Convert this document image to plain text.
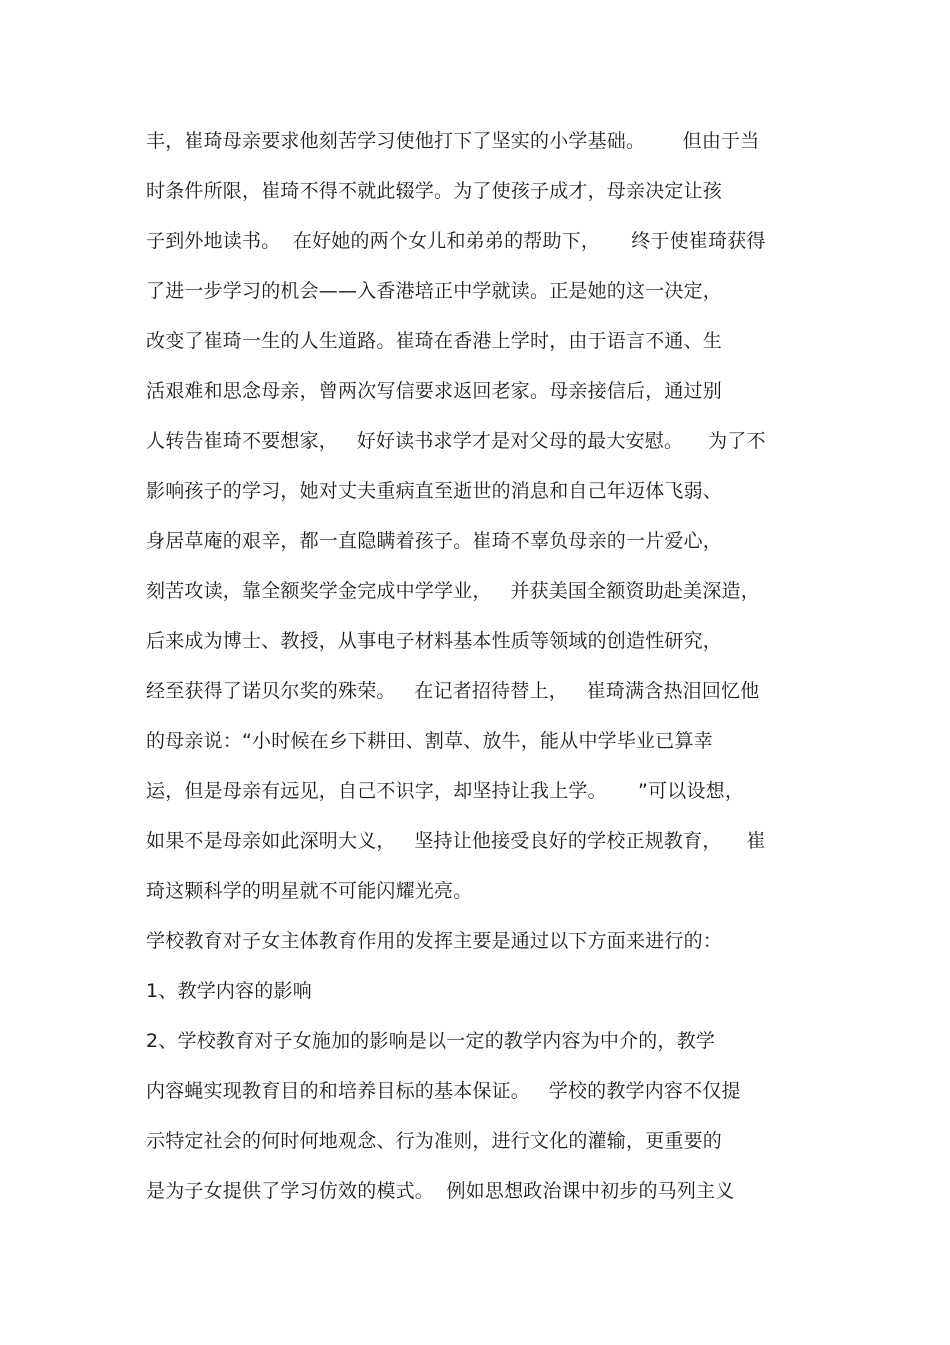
丰，崔琦母亲要求他刻苦学习使他打下了坚实的小学基础。      但由于当
时条件所限，崔琦不得不就此辍学。为了使孩子成才，母亲决定让孩
子到外地读书。  在好她的两个女儿和弟弟的帮助下，     终于使崔琦获得
了进一步学习的机会——入香港培正中学就读。正是她的这一决定，
改变了崔琦一生的人生道路。崔琦在香港上学时，由于语言不通、生
活艰难和思念母亲，曾两次写信要求返回老家。母亲接信后，通过别
人转告崔琦不要想家，   好好读书求学才是对父母的最大安慰。    为了不
影响孩子的学习，她对丈夫重病直至逝世的消息和自己年迈体飞弱、
身居草庵的艰辛，都一直隐瞒着孩子。崔琦不辜负母亲的一片爱心，
刻苦攻读，靠全额奖学金完成中学学业，   并获美国全额资助赴美深造，
后来成为博士、教授，从事电子材料基本性质等领域的创造性研究，
经至获得了诺贝尔奖的殊荣。   在记者招待替上，   崔琦满含热泪回忆他
的母亲说：“小时候在乡下耕田、割草、放牛，能从中学毕业已算幸
运，但是母亲有远见，自己不识字，却坚持让我上学。     ”可以设想，
如果不是母亲如此深明大义，   坚持让他接受良好的学校正规教育，    崔
琦这颗科学的明星就不可能闪耀光亮。
学校教育对子女主体教育作用的发挥主要是通过以下方面来进行的：
1、教学内容的影响
2、学校教育对子女施加的影响是以一定的教学内容为中介的，教学
内容蝇实现教育目的和培养目标的基本保证。   学校的教学内容不仅提
示特定社会的何时何地观念、行为准则，进行文化的灌输，更重要的
是为子女提供了学习仿效的模式。  例如思想政治课中初步的马列主义
